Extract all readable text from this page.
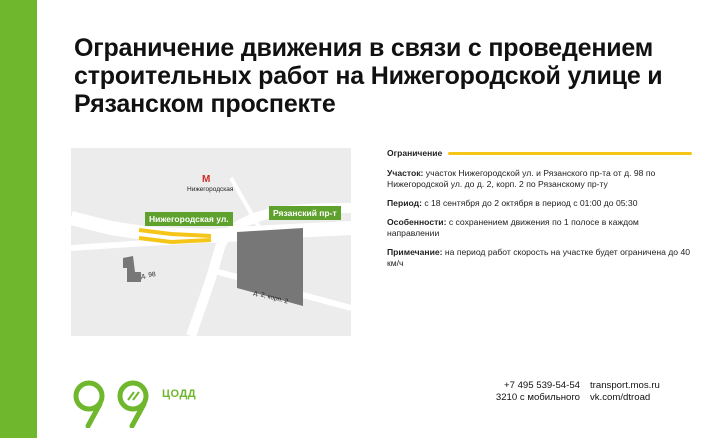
Ограничение движения в связи с проведением строительных работ на Нижегородской улице и Рязанском проспекте
M
Нижегородская
Нижегородская ул.
Рязанский пр-т
д. 98
д. 2, корп. 2
Ограничение

Участок: участок Нижегородской ул. и Рязанского пр-та от д. 98 по Нижегородской ул. до д. 2, корп. 2 по Рязанскому пр-ту

Период: с 18 сентября до 2 октября в период с 01:00 до 05:30

Особенности: с сохранением движения по 1 полосе в каждом направлении

Примечание: на период работ скорость на участке будет ограничена до 40 км/ч

ЦОДД
+7 495 539-54-54
3210 с мобильного
transport.mos.ru
vk.com/dtroad
